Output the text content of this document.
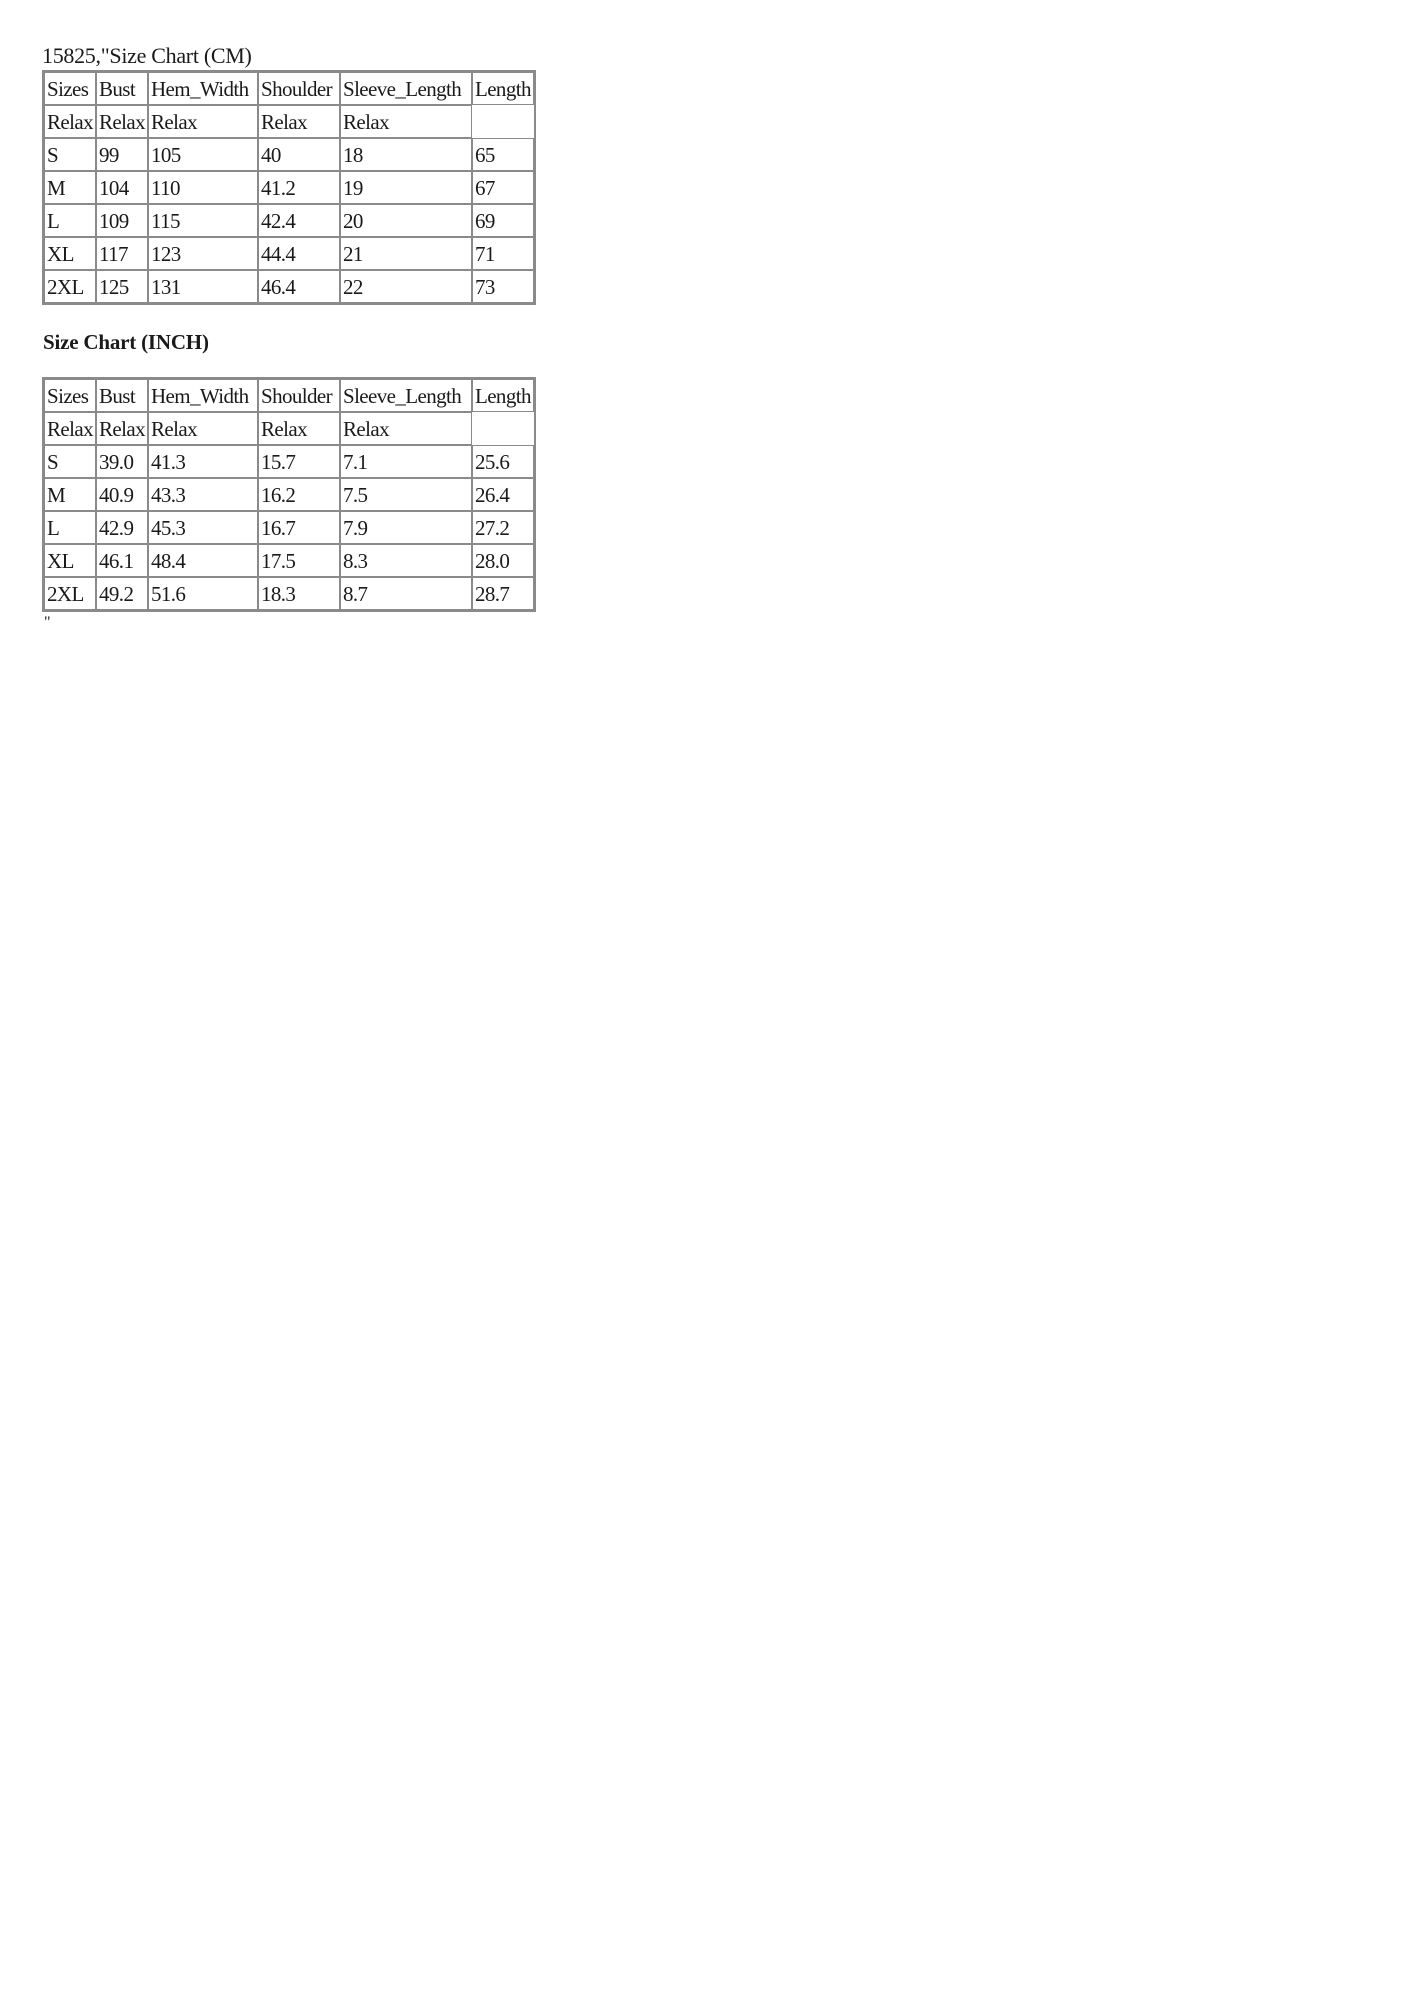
15825,"Size Chart (CM)
Sizes	Bust	Hem_Width	Shoulder	Sleeve_Length	Length
Relax	Relax	Relax	Relax	Relax	
S	99	105	40	18	65
M	104	110	41.2	19	67
L	109	115	42.4	20	69
XL	117	123	44.4	21	71
2XL	125	131	46.4	22	73
Size Chart (INCH)
Sizes	Bust	Hem_Width	Shoulder	Sleeve_Length	Length
Relax	Relax	Relax	Relax	Relax	
S	39.0	41.3	15.7	7.1	25.6
M	40.9	43.3	16.2	7.5	26.4
L	42.9	45.3	16.7	7.9	27.2
XL	46.1	48.4	17.5	8.3	28.0
2XL	49.2	51.6	18.3	8.7	28.7
"
